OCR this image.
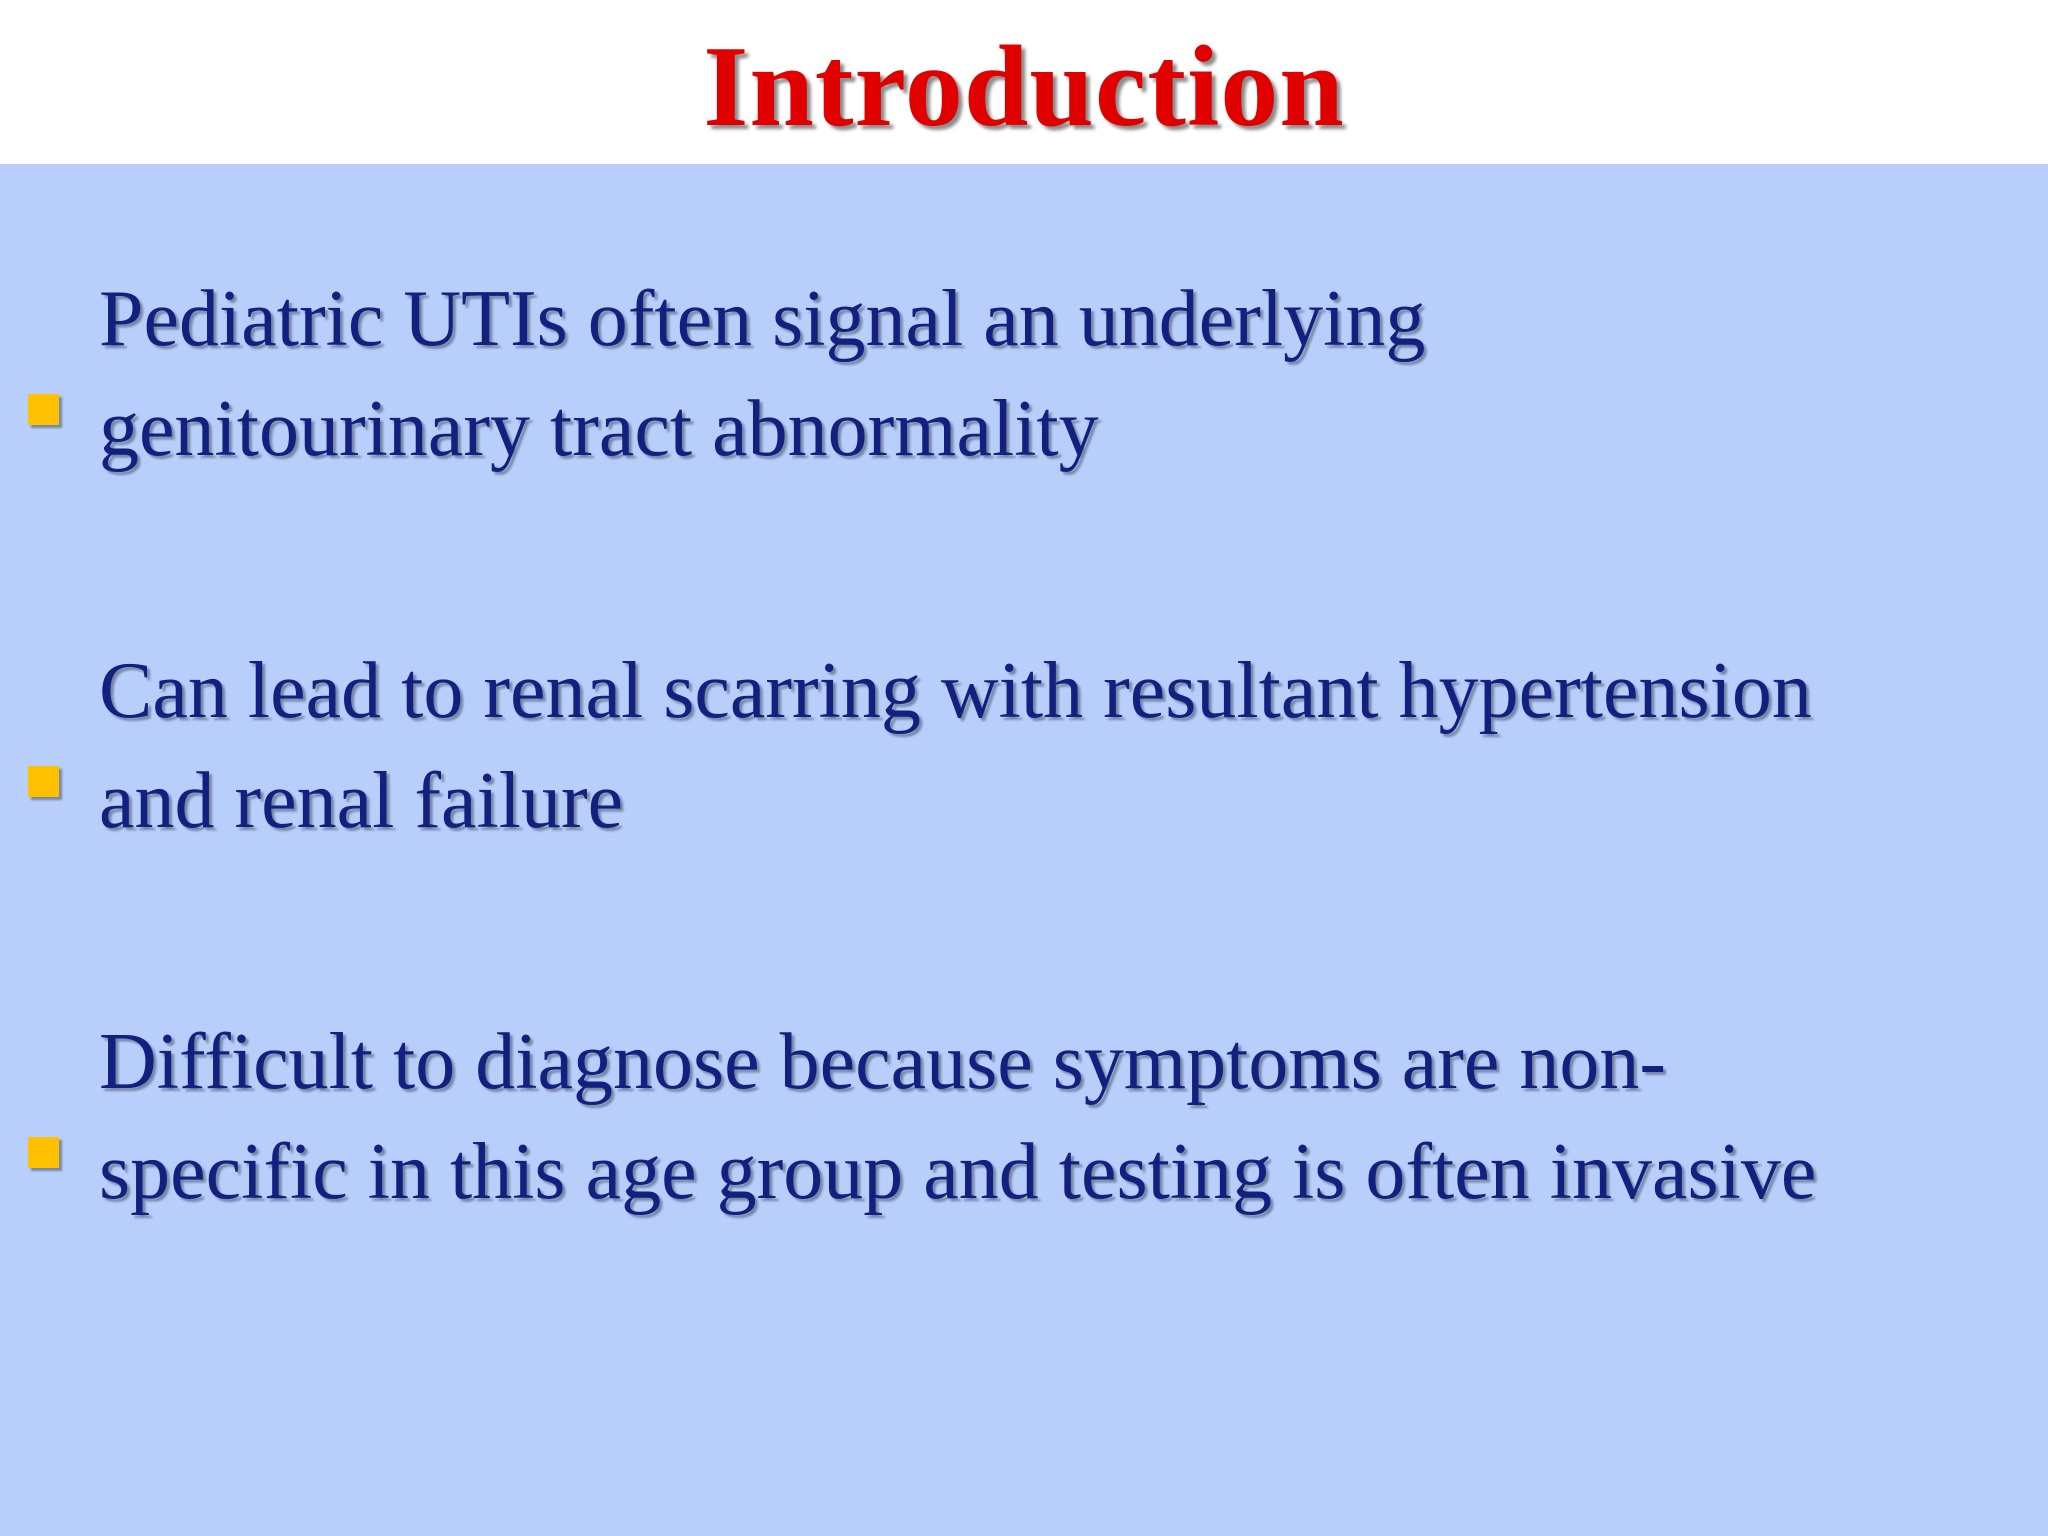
Introduction
Pediatric UTIs often signal an underlying
genitourinary tract abnormality
Can lead to renal scarring with resultant hypertension
and renal failure
Difficult to diagnose because symptoms are non-
specific in this age group and testing is often invasive
